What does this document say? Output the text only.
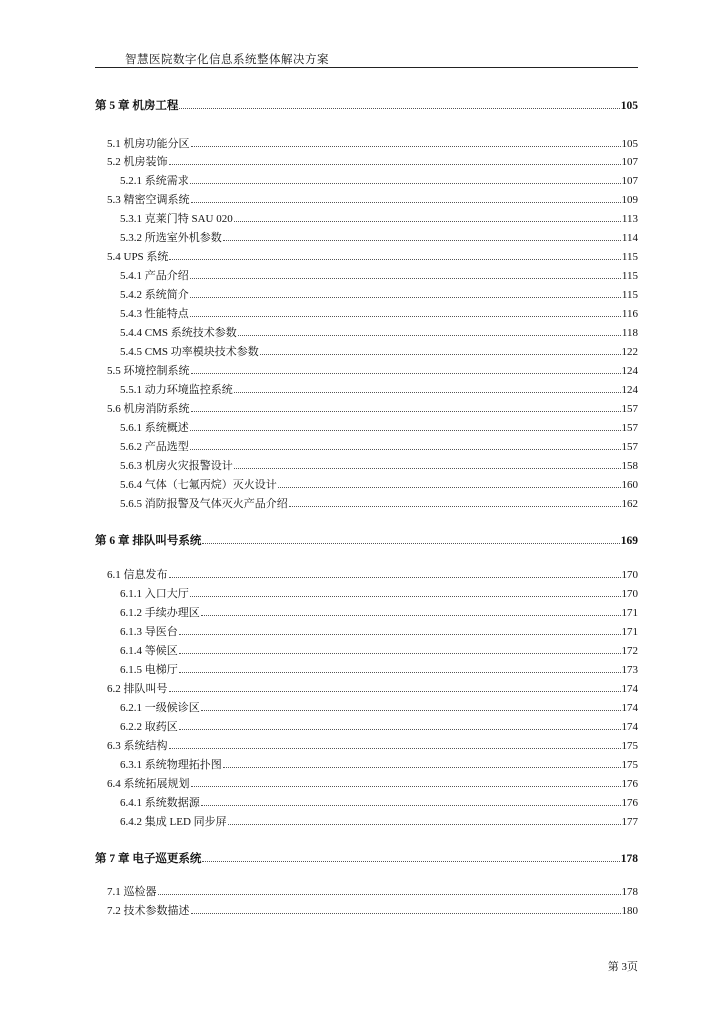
智慧医院数字化信息系统整体解决方案
第 5 章 机房工程	105
5.1 机房功能分区	105
5.2 机房装饰	107
5.2.1 系统需求	107
5.3 精密空调系统	109
5.3.1 克莱门特 SAU 020	113
5.3.2 所选室外机参数	114
5.4 UPS 系统	115
5.4.1 产品介绍	115
5.4.2 系统简介	115
5.4.3 性能特点	116
5.4.4 CMS 系统技术参数	118
5.4.5 CMS 功率模块技术参数	122
5.5 环境控制系统	124
5.5.1 动力环境监控系统	124
5.6 机房消防系统	157
5.6.1 系统概述	157
5.6.2 产品选型	157
5.6.3 机房火灾报警设计	158
5.6.4 气体（七氟丙烷）灭火设计	160
5.6.5 消防报警及气体灭火产品介绍	162
第 6 章 排队叫号系统	169
6.1 信息发布	170
6.1.1 入口大厅	170
6.1.2 手续办理区	171
6.1.3 导医台	171
6.1.4 等候区	172
6.1.5 电梯厅	173
6.2 排队叫号	174
6.2.1 一级候诊区	174
6.2.2 取药区	174
6.3 系统结构	175
6.3.1 系统物理拓扑图	175
6.4 系统拓展规划	176
6.4.1 系统数据源	176
6.4.2 集成 LED 同步屏	177
第 7 章 电子巡更系统	178
7.1 巡检器	178
7.2 技术参数描述	180
第 3页
